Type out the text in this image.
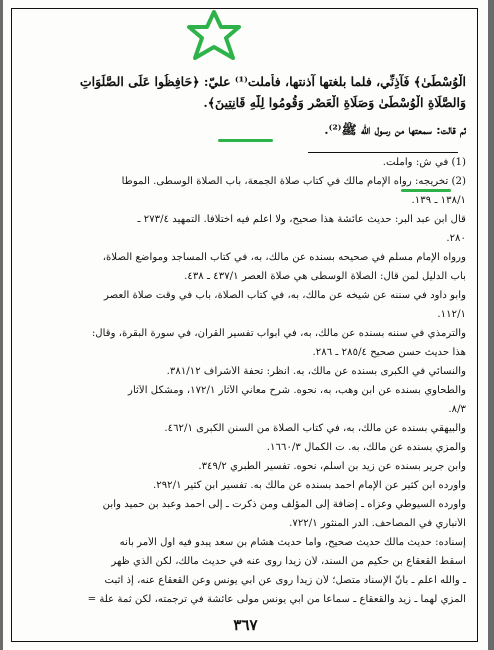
الْوُسْطَىٰ﴾ فَآذِنِّي، فلما بلغتها آذنتها، فأملت⁽¹⁾ عليّ: ﴿حَافِظُوا عَلَى الصَّلَوَاتِ
وَالصَّلَاةِ الْوُسْطَىٰ وَصَلَاةِ الْعَصْرِ وَقُومُوا لِلَّهِ قَانِتِينَ﴾.
ثم قالت: سمعتها من رسول الله ﷺ⁽²⁾.
(1) في ش: وأملت.
(2) تخريجه: رواه الإمام مالك في كتاب صلاة الجمعة، باب الصلاة الوسطى. الموطأ
١٣٨/١ ـ ١٣٩.
قال ابن عبد البر: حديث عائشة هذا صحيح، ولا أعلم فيه اختلافاً. التمهيد ٢٧٣/٤ ـ
٢٨٠.
ورواه الإمام مسلم في صحيحه بسنده عن مالك، به، في كتاب المساجد ومواضع الصلاة،
باب الدليل لمن قال: الصلاة الوسطى هي صلاة العصر ٤٣٧/١ ـ ٤٣٨.
وأبو داود في سننه عن شيخه عن مالك، به، في كتاب الصلاة، باب في وقت صلاة العصر
١١٢/١.
والترمذي في سننه بسنده عن مالك، به، في أبواب تفسير القرآن، في سورة البقرة، وقال:
هذا حديث حسن صحيح ٢٨٥/٤ ـ ٢٨٦.
والنسائي في الكبرى بسنده عن مالك، به. انظر: تحفة الأشراف ٣٨١/١٢.
والطحاوي بسنده عن ابن وهب، به، نحوه. شرح معاني الآثار ١٧٢/١، ومشكل الآثار
٨/٣.
والبيهقي بسنده عن مالك، به، في كتاب الصلاة من السنن الكبرى ٤٦٢/١.
والمزي بسنده عن مالك، به. ت الكمال ١٦٦٠/٣.
وابن جرير بسنده عن زيد بن أسلم، نحوه. تفسير الطبري ٣٤٩/٢.
وأورده ابن كثير عن الإمام أحمد بسنده عن مالك به. تفسير ابن كثير ٢٩٢/١.
وأورده السيوطي وعزاه ـ إضافة إلى المؤلف ومن ذكرت ـ إلى أحمد وعبد بن حميد وابن
الأنباري في المصاحف. الدر المنثور ٧٢٢/١.
إسناده: حديث مالك حديث صحيح، وأما حديث هشام بن سعد يبدو فيه أول الأمر بأنه
أسقط القعقاع بن حكيم من السند، لأن زيداً روى عنه في حديث مالك، لكن الذي ظهر
ـ والله أعلم ـ بأنّ الإسناد متصل؛ لأن زيداً روى عن أبي يونس وعن القعقاع عنه، إذ أثبت
المزي لهما ـ زيد والقعقاع ـ سماعاً من أبي يونس مولى عائشة في ترجمته، لكن ثمة علة =
٣٦٧
